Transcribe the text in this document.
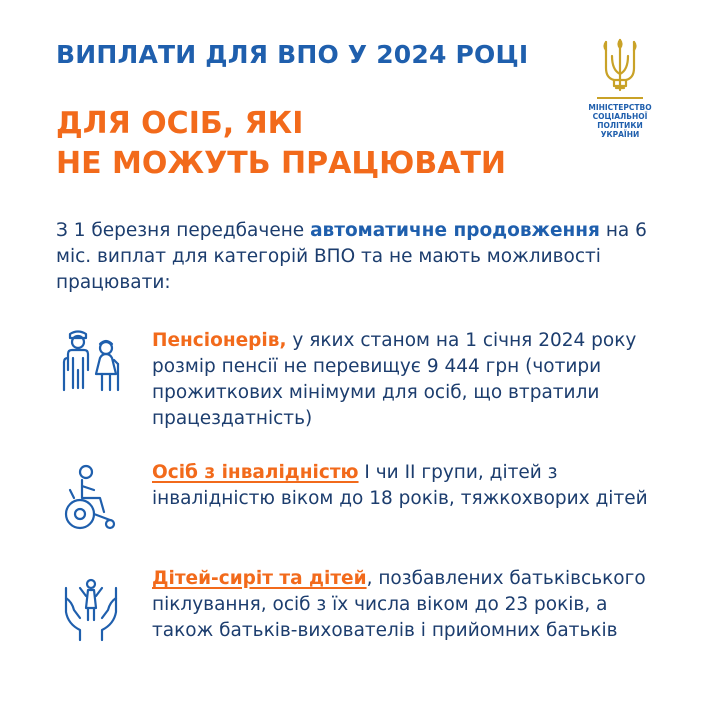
ВИПЛАТИ ДЛЯ ВПО У 2024 РОЦІ
ДЛЯ ОСІБ, ЯКІ
НЕ МОЖУТЬ ПРАЦЮВАТИ
МІНІСТЕРСТВО
СОЦІАЛЬНОЇ ПОЛІТИКИ
УКРАЇНИ

З 1 березня передбачене автоматичне продовження на 6 міс. виплат для категорій ВПО та не мають можливості працювати:

Пенсіонерів, у яких станом на 1 січня 2024 року розмір пенсії не перевищує 9 444 грн (чотири прожиткових мінімуми для осіб, що втратили працездатність)

Осіб з інвалідністю І чи ІІ групи, дітей з інвалідністю віком до 18 років, тяжкохворих дітей

Дітей-сиріт та дітей, позбавлених батьківського піклування, осіб з їх числа віком до 23 років, а також батьків-вихователів і прийомних батьків
